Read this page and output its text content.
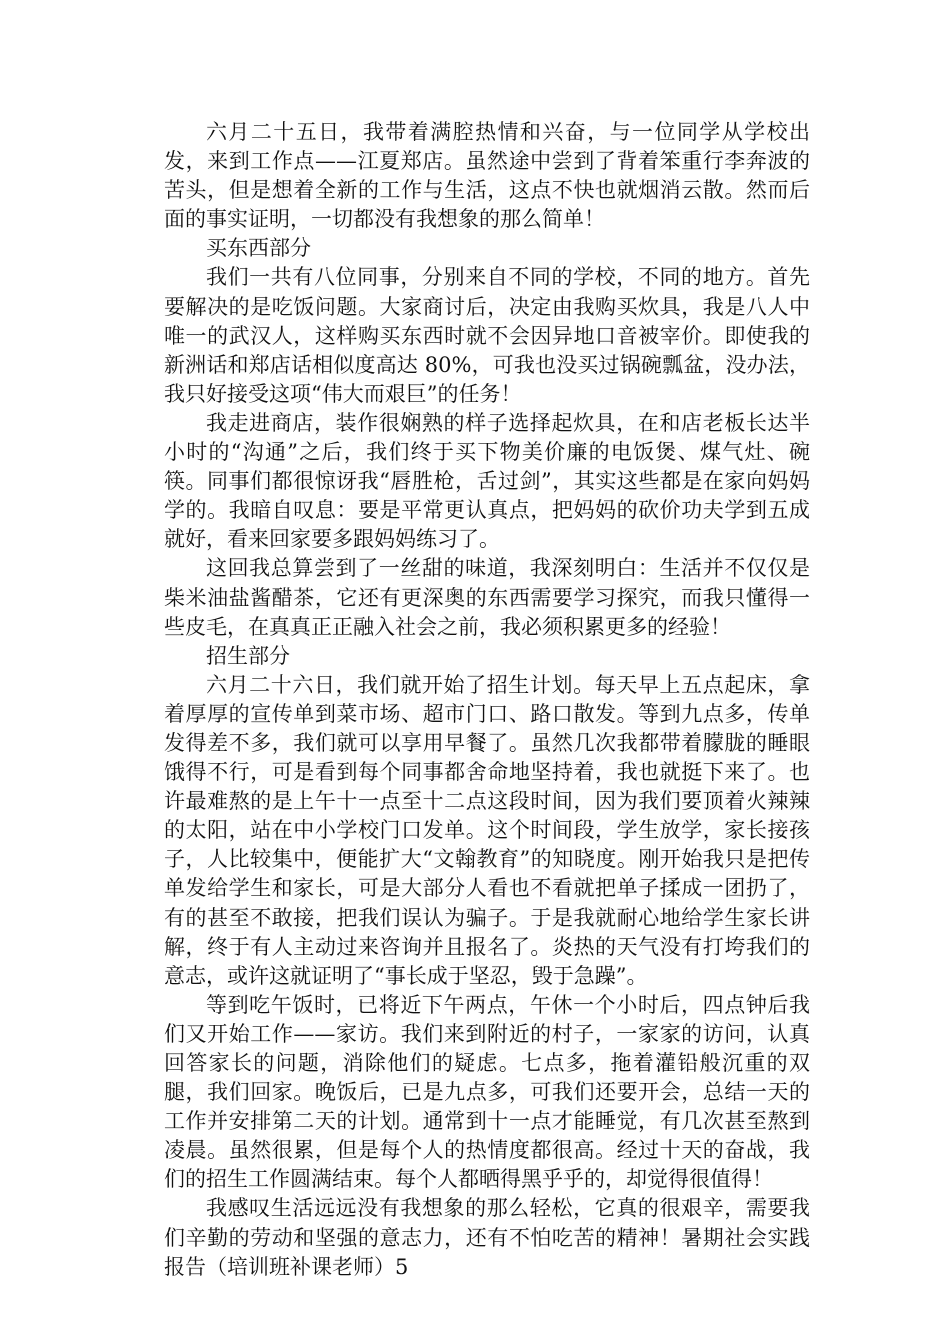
六月二十五日，我带着满腔热情和兴奋，与一位同学从学校出发，来到工作点——江夏郑店。虽然途中尝到了背着笨重行李奔波的苦头，但是想着全新的工作与生活，这点不快也就烟消云散。然而后面的事实证明，一切都没有我想象的那么简单！

买东西部分

我们一共有八位同事，分别来自不同的学校，不同的地方。首先要解决的是吃饭问题。大家商讨后，决定由我购买炊具，我是八人中唯一的武汉人，这样购买东西时就不会因异地口音被宰价。即使我的新洲话和郑店话相似度高达 80%，可我也没买过锅碗瓢盆，没办法，我只好接受这项“伟大而艰巨”的任务！

我走进商店，装作很娴熟的样子选择起炊具，在和店老板长达半小时的“沟通”之后，我们终于买下物美价廉的电饭煲、煤气灶、碗筷。同事们都很惊讶我“唇胜枪，舌过剑”，其实这些都是在家向妈妈学的。我暗自叹息：要是平常更认真点，把妈妈的砍价功夫学到五成就好，看来回家要多跟妈妈练习了。

这回我总算尝到了一丝甜的味道，我深刻明白：生活并不仅仅是柴米油盐酱醋茶，它还有更深奥的东西需要学习探究，而我只懂得一些皮毛，在真真正正融入社会之前，我必须积累更多的经验！

招生部分

六月二十六日，我们就开始了招生计划。每天早上五点起床，拿着厚厚的宣传单到菜市场、超市门口、路口散发。等到九点多，传单发得差不多，我们就可以享用早餐了。虽然几次我都带着朦胧的睡眼饿得不行，可是看到每个同事都舍命地坚持着，我也就挺下来了。也许最难熬的是上午十一点至十二点这段时间，因为我们要顶着火辣辣的太阳，站在中小学校门口发单。这个时间段，学生放学，家长接孩子，人比较集中，便能扩大“文翰教育”的知晓度。刚开始我只是把传单发给学生和家长，可是大部分人看也不看就把单子揉成一团扔了，有的甚至不敢接，把我们误认为骗子。于是我就耐心地给学生家长讲解，终于有人主动过来咨询并且报名了。炎热的天气没有打垮我们的意志，或许这就证明了“事长成于坚忍，毁于急躁”。

等到吃午饭时，已将近下午两点，午休一个小时后，四点钟后我们又开始工作——家访。我们来到附近的村子，一家家的访问，认真回答家长的问题，消除他们的疑虑。七点多，拖着灌铅般沉重的双腿，我们回家。晚饭后，已是九点多，可我们还要开会，总结一天的工作并安排第二天的计划。通常到十一点才能睡觉，有几次甚至熬到凌晨。虽然很累，但是每个人的热情度都很高。经过十天的奋战，我们的招生工作圆满结束。每个人都晒得黑乎乎的，却觉得很值得！

我感叹生活远远没有我想象的那么轻松，它真的很艰辛，需要我们辛勤的劳动和坚强的意志力，还有不怕吃苦的精神！暑期社会实践报告（培训班补课老师）5
